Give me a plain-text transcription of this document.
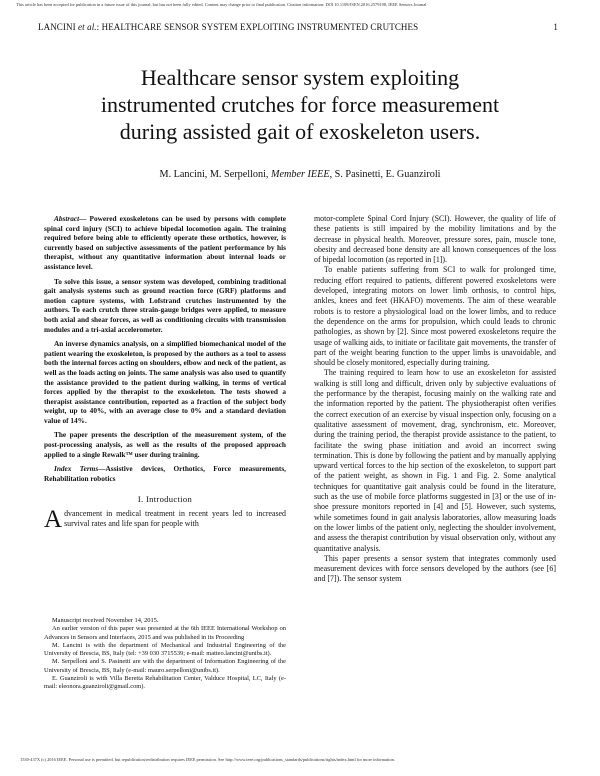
This article has been accepted for publication in a future issue of this journal, but has not been fully edited. Content may change prior to final publication. Citation information: DOI 10.1109/JSEN.2016.2579198, IEEE Sensors Journal
LANCINI et al.: HEALTHCARE SENSOR SYSTEM EXPLOITING INSTRUMENTED CRUTCHES	1
Healthcare sensor system exploiting
instrumented crutches for force measurement
during assisted gait of exoskeleton users.
M. Lancini, M. Serpelloni, Member IEEE, S. Pasinetti, E. Guanziroli

Abstract— Powered exoskeletons can be used by persons with complete spinal cord injury (SCI) to achieve bipedal locomotion again. The training required before being able to efficiently operate these orthotics, however, is currently based on subjective assessments of the patient performance by his therapist, without any quantitative information about internal loads or assistance level.

To solve this issue, a sensor system was developed, combining traditional gait analysis systems such as ground reaction force (GRF) platforms and motion capture systems, with Lofstrand crutches instrumented by the authors. To each crutch three strain-gauge bridges were applied, to measure both axial and shear forces, as well as conditioning circuits with transmission modules and a tri-axial accelerometer.

An inverse dynamics analysis, on a simplified biomechanical model of the patient wearing the exoskeleton, is proposed by the authors as a tool to assess both the internal forces acting on shoulders, elbow and neck of the patient, as well as the loads acting on joints. The same analysis was also used to quantify the assistance provided to the patient during walking, in terms of vertical forces applied by the therapist to the exoskeleton. The tests showed a therapist assistance contribution, reported as a fraction of the subject body weight, up to 40%, with an average close to 0% and a standard deviation value of 14%.

The paper presents the description of the measurement system, of the post-processing analysis, as well as the results of the proposed approach applied to a single Rewalk™ user during training.

Index Terms—Assistive devices, Orthotics, Force measurements, Rehabilitation robotics

I. Introduction

Advancement in medical treatment in recent years led to increased survival rates and life span for people with

Manuscript received November 14, 2015.

An earlier version of this paper was presented at the 6th IEEE International Workshop on Advances in Sensors and Interfaces, 2015 and was published in its Proceeding

M. Lancini is with the department of Mechanical and Industrial Engineering of the University of Brescia, BS, Italy (tel: +39 030 3715539; e-mail: matteo.lancini@unibs.it).

M. Serpelloni and S. Pasinetti are with the department of Information Engineering of the University of Brescia, BS, Italy (e-mail: mauro.serpelloni@unibs.it).

E. Guanziroli is with Villa Beretta Rehabilitation Center, Valduce Hospital, LC, Italy (e-mail: eleonora.guanziroli@gmail.com).

motor-complete Spinal Cord Injury (SCI). However, the quality of life of these patients is still impaired by the mobility limitations and by the decrease in physical health. Moreover, pressure sores, pain, muscle tone, obesity and decreased bone density are all known consequences of the loss of bipedal locomotion (as reported in [1]).

To enable patients suffering from SCI to walk for prolonged time, reducing effort required to patients, different powered exoskeletons were developed, integrating motors on lower limb orthosis, to control hips, ankles, knees and feet (HKAFO) movements. The aim of these wearable robots is to restore a physiological load on the lower limbs, and to reduce the dependence on the arms for propulsion, which could leads to chronic pathologies, as shown by [2]. Since most powered exoskeletons require the usage of walking aids, to initiate or facilitate gait movements, the transfer of part of the weight bearing function to the upper limbs is unavoidable, and should be closely monitored, especially during training.

The training required to learn how to use an exoskeleton for assisted walking is still long and difficult, driven only by subjective evaluations of the performance by the therapist, focusing mainly on the walking rate and the information reported by the patient. The physiotherapist often verifies the correct execution of an exercise by visual inspection only, focusing on a qualitative assessment of movement, drag, synchronism, etc. Moreover, during the training period, the therapist provide assistance to the patient, to facilitate the swing phase initiation and avoid an incorrect swing termination. This is done by following the patient and by manually applying upward vertical forces to the hip section of the exoskeleton, to support part of the patient weight, as shown in Fig. 1 and Fig. 2. Some analytical techniques for quantitative gait analysis could be found in the literature, such as the use of mobile force platforms suggested in [3] or the use of in-shoe pressure monitors reported in [4] and [5]. However, such systems, while sometimes found in gait analysis laboratories, allow measuring loads on the lower limbs of the patient only, neglecting the shoulder involvement, and assess the therapist contribution by visual observation only, without any quantitative analysis.

This paper presents a sensor system that integrates commonly used measurement devices with force sensors developed by the authors (see [6] and [7]). The sensor system

1530-437X (c) 2016 IEEE. Personal use is permitted, but republication/redistribution requires IEEE permission. See http://www.ieee.org/publications_standards/publications/rights/index.html for more information.
